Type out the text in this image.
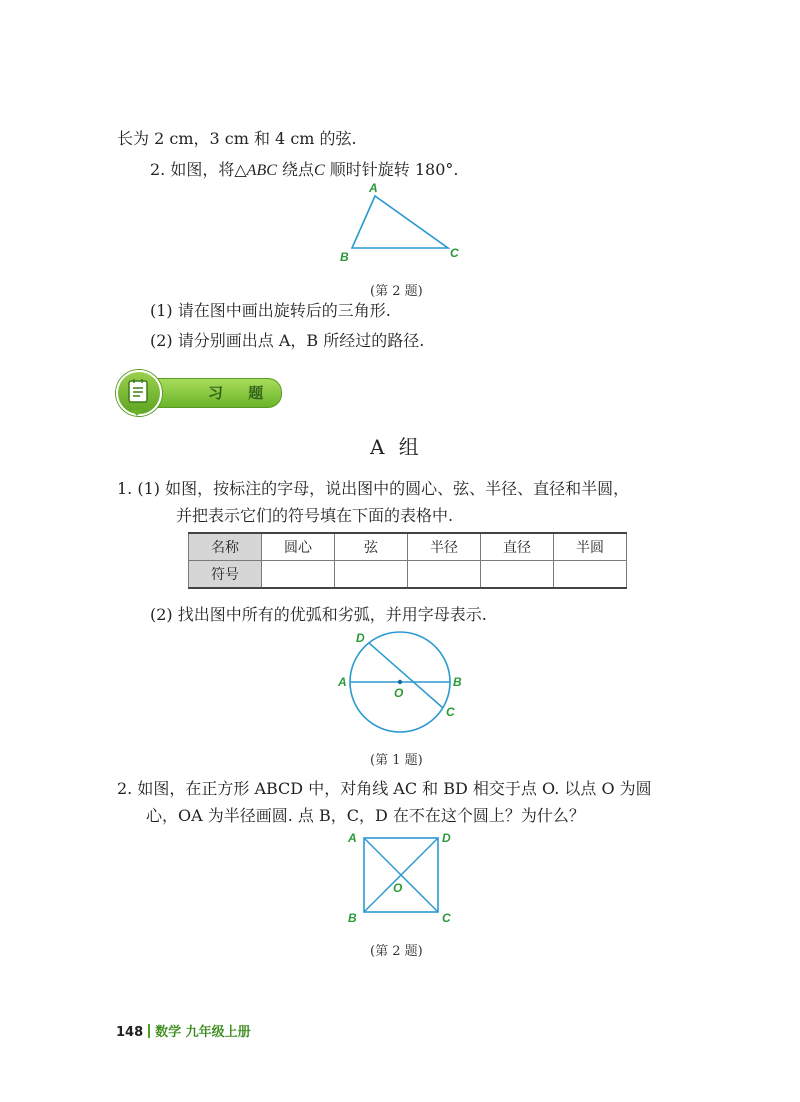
长为 2 cm，3 cm 和 4 cm 的弦.
2. 如图，将△ABC 绕点C 顺时针旋转 180°.
A
B	C
(第 2 题)
(1) 请在图中画出旋转后的三角形.
(2) 请分别画出点 A，B 所经过的路径.
习 题
A 组
1. (1) 如图，按标注的字母，说出图中的圆心、弦、半径、直径和半圆，
并把表示它们的符号填在下面的表格中.
名称	圆心	弦	半径	直径	半圆
符号					
(2) 找出图中所有的优弧和劣弧，并用字母表示.
D
A
O
B
C
(第 1 题)
2. 如图，在正方形 ABCD 中，对角线 AC 和 BD 相交于点 O. 以点 O 为圆
心，OA 为半径画圆. 点 B，C，D 在不在这个圆上？为什么？
A	D
O
B	C
(第 2 题)
148 数学 九年级上册
